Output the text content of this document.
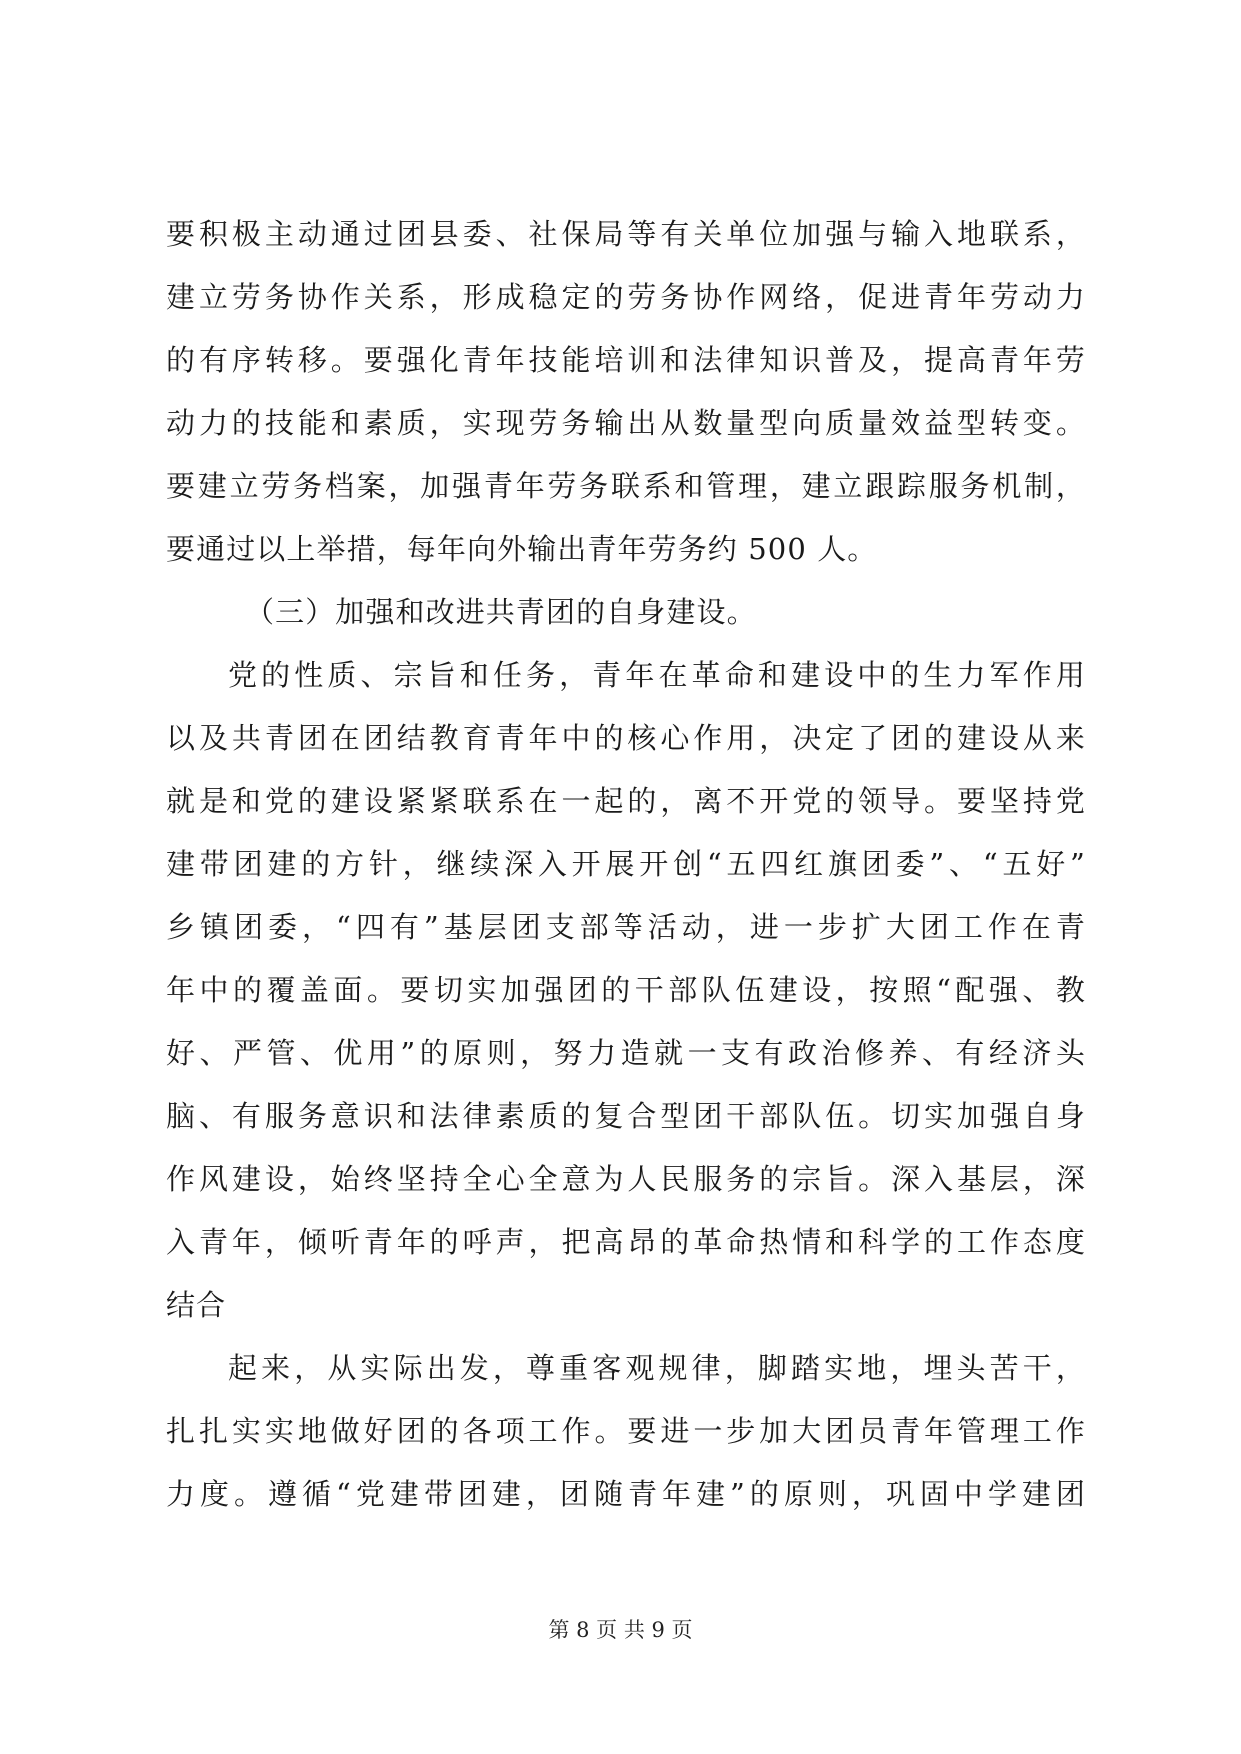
要积极主动通过团县委、社保局等有关单位加强与输入地联系，
建立劳务协作关系，形成稳定的劳务协作网络，促进青年劳动力
的有序转移。要强化青年技能培训和法律知识普及，提高青年劳
动力的技能和素质，实现劳务输出从数量型向质量效益型转变。
要建立劳务档案，加强青年劳务联系和管理，建立跟踪服务机制，
要通过以上举措，每年向外输出青年劳务约 500 人。
（三）加强和改进共青团的自身建设。
党的性质、宗旨和任务，青年在革命和建设中的生力军作用
以及共青团在团结教育青年中的核心作用，决定了团的建设从来
就是和党的建设紧紧联系在一起的，离不开党的领导。要坚持党
建带团建的方针，继续深入开展开创“五四红旗团委”、“五好”
乡镇团委，“四有”基层团支部等活动，进一步扩大团工作在青
年中的覆盖面。要切实加强团的干部队伍建设，按照“配强、教
好、严管、优用”的原则，努力造就一支有政治修养、有经济头
脑、有服务意识和法律素质的复合型团干部队伍。切实加强自身
作风建设，始终坚持全心全意为人民服务的宗旨。深入基层，深
入青年，倾听青年的呼声，把高昂的革命热情和科学的工作态度
结合
起来，从实际出发，尊重客观规律，脚踏实地，埋头苦干，
扎扎实实地做好团的各项工作。要进一步加大团员青年管理工作
力度。遵循“党建带团建，团随青年建”的原则，巩固中学建团
第 8 页 共 9 页
